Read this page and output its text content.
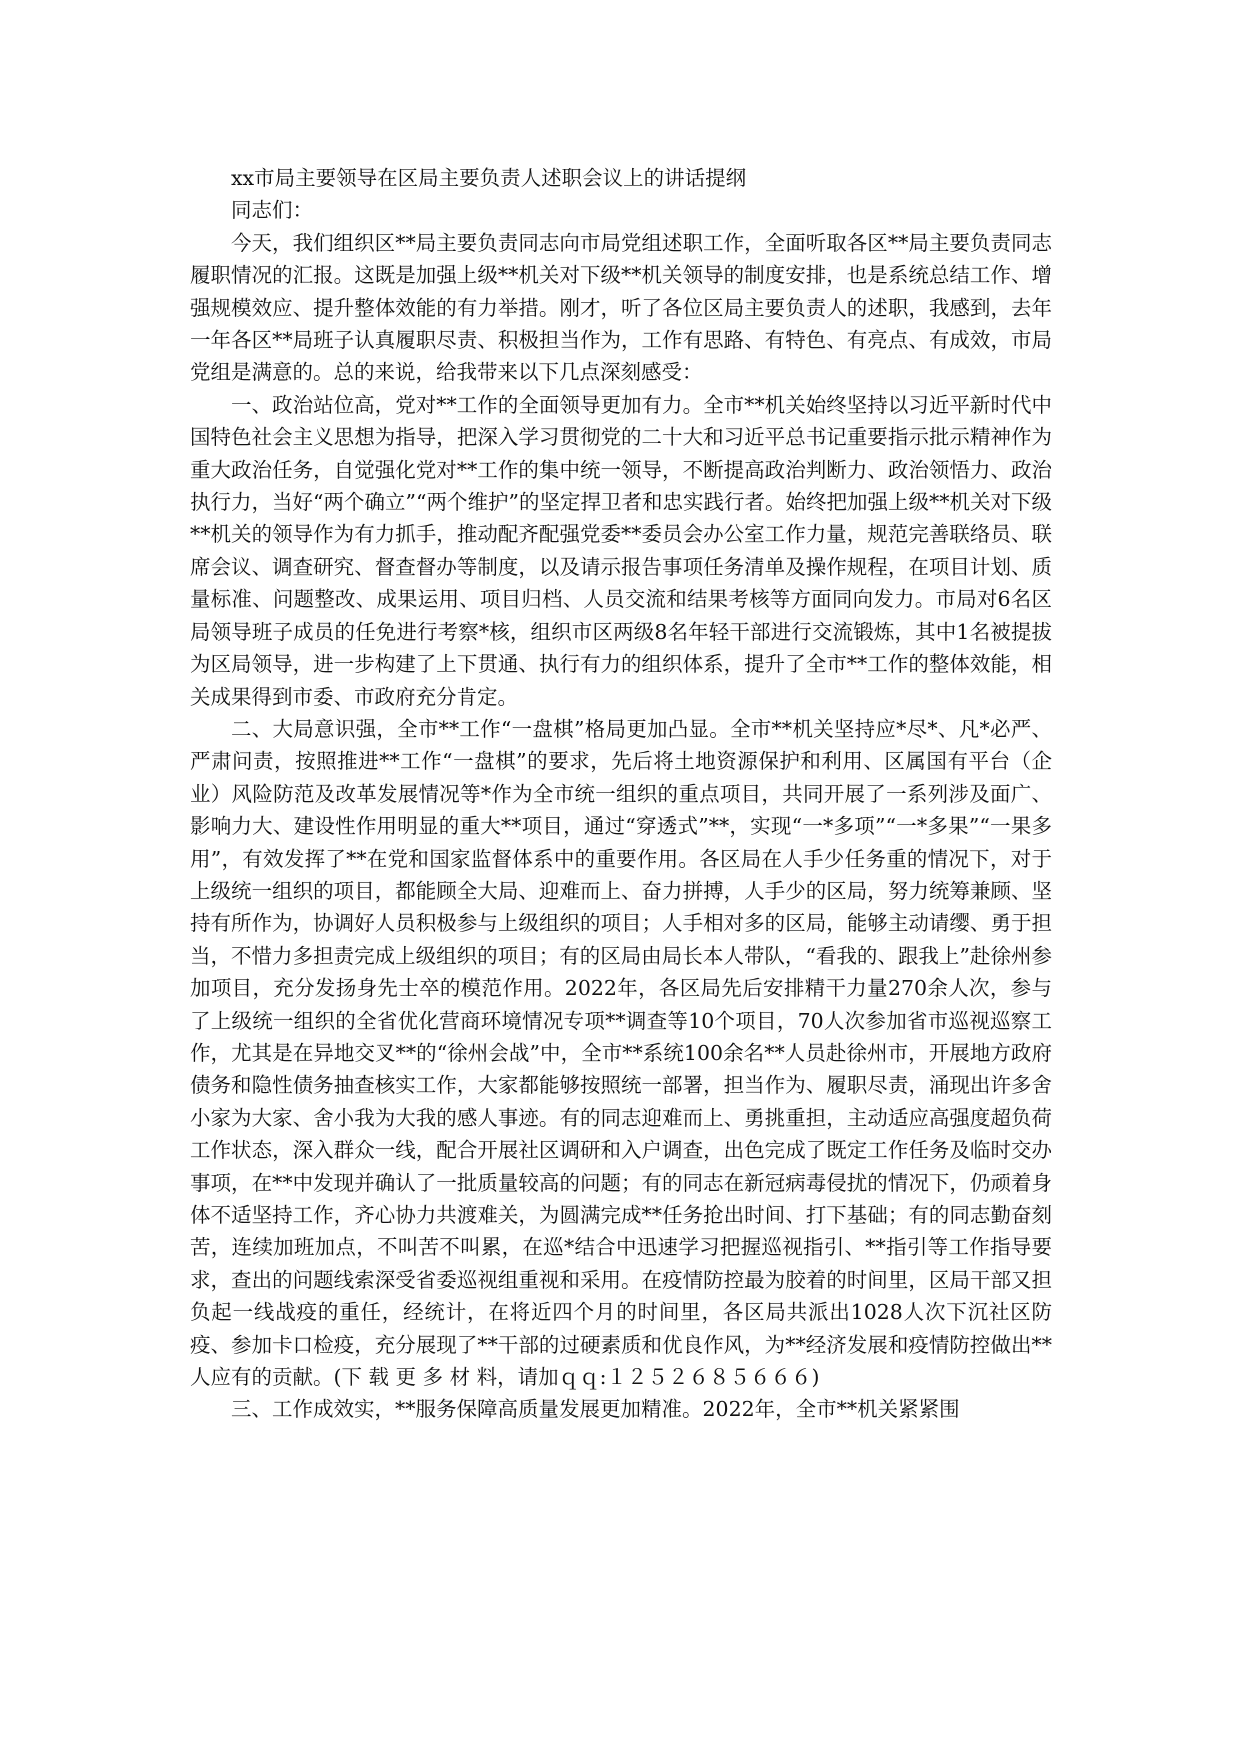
xx市局主要领导在区局主要负责人述职会议上的讲话提纲

同志们：

今天，我们组织区**局主要负责同志向市局党组述职工作，全面听取各区**局主要负责同志履职情况的汇报。这既是加强上级**机关对下级**机关领导的制度安排，也是系统总结工作、增强规模效应、提升整体效能的有力举措。刚才，听了各位区局主要负责人的述职，我感到，去年一年各区**局班子认真履职尽责、积极担当作为，工作有思路、有特色、有亮点、有成效，市局党组是满意的。总的来说，给我带来以下几点深刻感受：

一、政治站位高，党对**工作的全面领导更加有力。全市**机关始终坚持以习近平新时代中国特色社会主义思想为指导，把深入学习贯彻党的二十大和习近平总书记重要指示批示精神作为重大政治任务，自觉强化党对**工作的集中统一领导，不断提高政治判断力、政治领悟力、政治执行力，当好“两个确立”“两个维护”的坚定捍卫者和忠实践行者。始终把加强上级**机关对下级**机关的领导作为有力抓手，推动配齐配强党委**委员会办公室工作力量，规范完善联络员、联席会议、调查研究、督查督办等制度，以及请示报告事项任务清单及操作规程，在项目计划、质量标准、问题整改、成果运用、项目归档、人员交流和结果考核等方面同向发力。市局对6名区局领导班子成员的任免进行考察*核，组织市区两级8名年轻干部进行交流锻炼，其中1名被提拔为区局领导，进一步构建了上下贯通、执行有力的组织体系，提升了全市**工作的整体效能，相关成果得到市委、市政府充分肯定。

二、大局意识强，全市**工作“一盘棋”格局更加凸显。全市**机关坚持应*尽*、凡*必严、严肃问责，按照推进**工作“一盘棋”的要求，先后将土地资源保护和利用、区属国有平台（企业）风险防范及改革发展情况等*作为全市统一组织的重点项目，共同开展了一系列涉及面广、影响力大、建设性作用明显的重大**项目，通过“穿透式”**，实现“一*多项”“一*多果”“一果多用”，有效发挥了**在党和国家监督体系中的重要作用。各区局在人手少任务重的情况下，对于上级统一组织的项目，都能顾全大局、迎难而上、奋力拼搏，人手少的区局，努力统筹兼顾、坚持有所作为，协调好人员积极参与上级组织的项目；人手相对多的区局，能够主动请缨、勇于担当，不惜力多担责完成上级组织的项目；有的区局由局长本人带队，“看我的、跟我上”赴徐州参加项目，充分发扬身先士卒的模范作用。2022年，各区局先后安排精干力量270余人次，参与了上级统一组织的全省优化营商环境情况专项**调查等10个项目，70人次参加省市巡视巡察工作，尤其是在异地交叉**的“徐州会战”中，全市**系统100余名**人员赴徐州市，开展地方政府债务和隐性债务抽查核实工作，大家都能够按照统一部署，担当作为、履职尽责，涌现出许多舍小家为大家、舍小我为大我的感人事迹。有的同志迎难而上、勇挑重担，主动适应高强度超负荷工作状态，深入群众一线，配合开展社区调研和入户调查，出色完成了既定工作任务及临时交办事项，在**中发现并确认了一批质量较高的问题；有的同志在新冠病毒侵扰的情况下，仍顽着身体不适坚持工作，齐心协力共渡难关，为圆满完成**任务抢出时间、打下基础；有的同志勤奋刻苦，连续加班加点，不叫苦不叫累，在巡*结合中迅速学习把握巡视指引、**指引等工作指导要求，查出的问题线索深受省委巡视组重视和采用。在疫情防控最为胶着的时间里，区局干部又担负起一线战疫的重任，经统计，在将近四个月的时间里，各区局共派出1028人次下沉社区防疫、参加卡口检疫，充分展现了**干部的过硬素质和优良作风，为**经济发展和疫情防控做出**人应有的贡献。(下 载 更 多 材 料，请加ｑｑ:１２５２６８５６６６)

三、工作成效实，**服务保障高质量发展更加精准。2022年，全市**机关紧紧围
